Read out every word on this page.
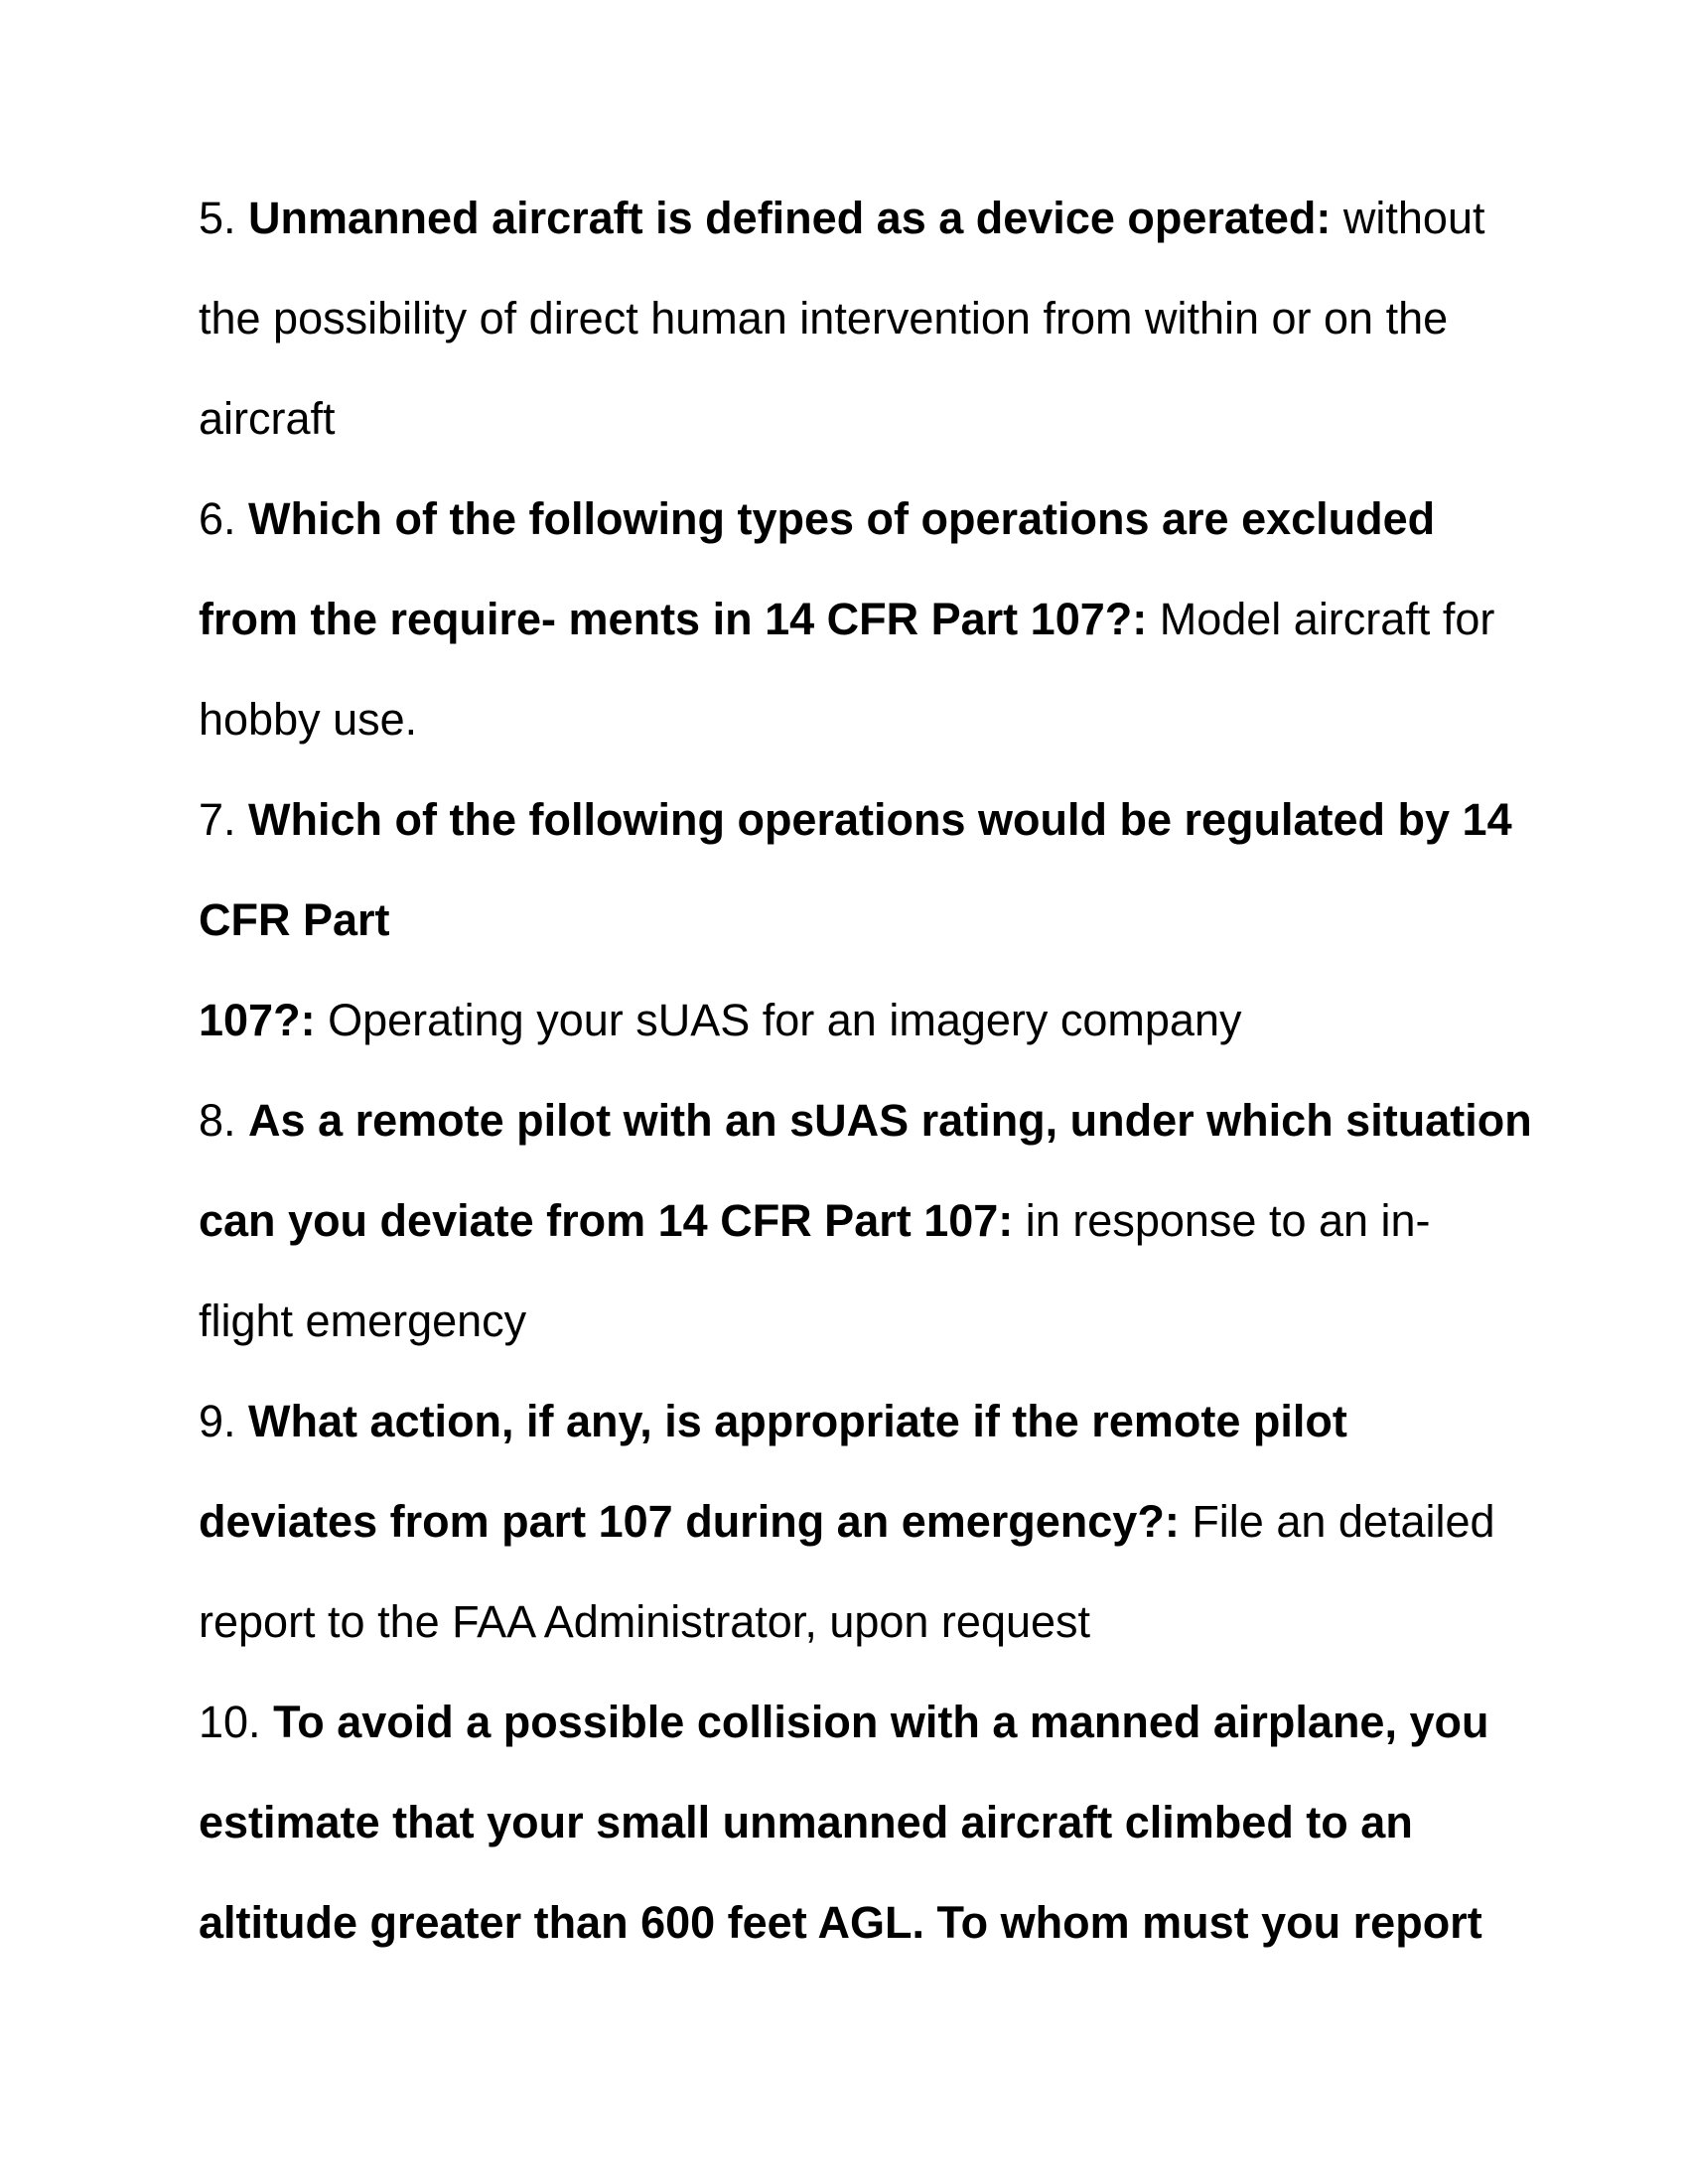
5. Unmanned aircraft is defined as a device operated: without
the possibility of direct human intervention from within or on the
aircraft
6. Which of the following types of operations are excluded
from the require- ments in 14 CFR Part 107?: Model aircraft for
hobby use.
7. Which of the following operations would be regulated by 14
CFR Part
107?: Operating your sUAS for an imagery company
8. As a remote pilot with an sUAS rating, under which situation
can you deviate from 14 CFR Part 107: in response to an in-
flight emergency
9. What action, if any, is appropriate if the remote pilot
deviates from part 107 during an emergency?: File an detailed
report to the FAA Administrator, upon request
10. To avoid a possible collision with a manned airplane, you
estimate that your small unmanned aircraft climbed to an
altitude greater than 600 feet AGL. To whom must you report
